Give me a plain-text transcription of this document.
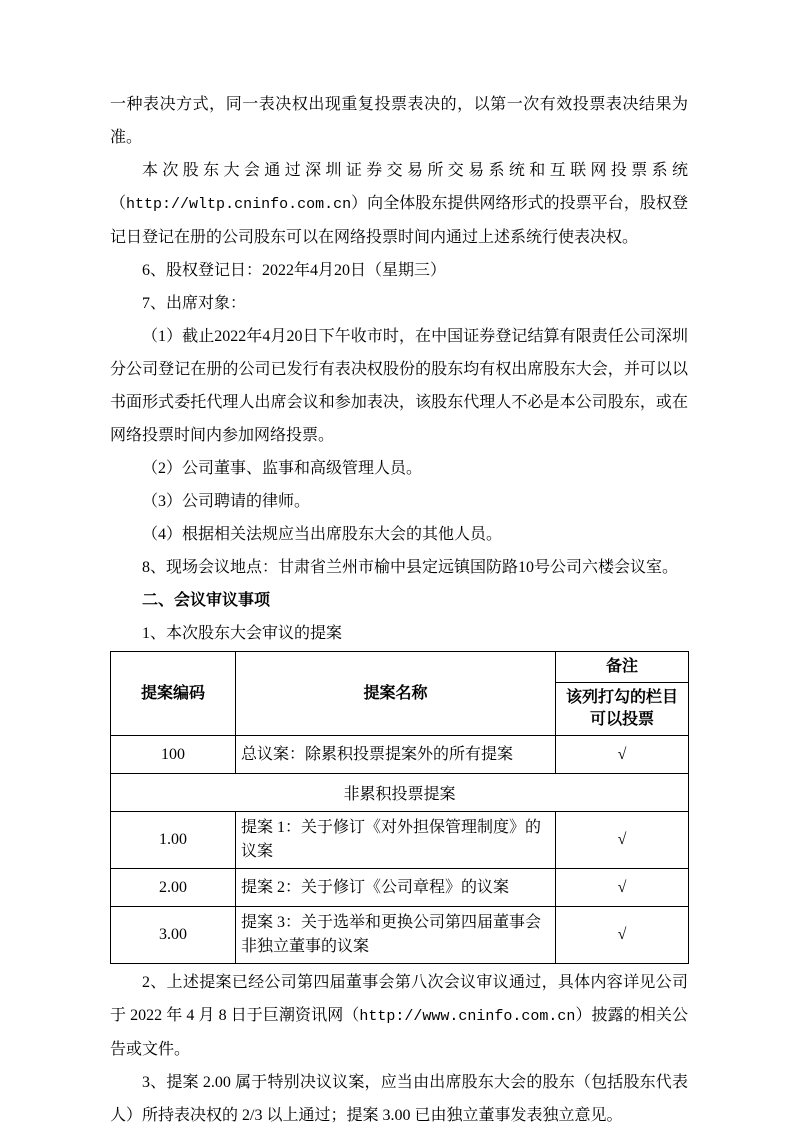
一种表决方式，同一表决权出现重复投票表决的，以第一次有效投票表决结果为准。

本次股东大会通过深圳证券交易所交易系统和互联网投票系统（http://wltp.cninfo.com.cn）向全体股东提供网络形式的投票平台，股权登记日登记在册的公司股东可以在网络投票时间内通过上述系统行使表决权。

6、股权登记日：2022年4月20日（星期三）

7、出席对象：

（1）截止2022年4月20日下午收市时，在中国证券登记结算有限责任公司深圳分公司登记在册的公司已发行有表决权股份的股东均有权出席股东大会，并可以以书面形式委托代理人出席会议和参加表决，该股东代理人不必是本公司股东，或在网络投票时间内参加网络投票。

（2）公司董事、监事和高级管理人员。

（3）公司聘请的律师。

（4）根据相关法规应当出席股东大会的其他人员。

8、现场会议地点：甘肃省兰州市榆中县定远镇国防路10号公司六楼会议室。

二、会议审议事项

1、本次股东大会审议的提案

提案编码	提案名称	备注
		该列打勾的栏目可以投票
100	总议案：除累积投票提案外的所有提案	√
非累积投票提案		
1.00	提案 1：关于修订《对外担保管理制度》的议案	√
2.00	提案 2：关于修订《公司章程》的议案	√
3.00	提案 3：关于选举和更换公司第四届董事会非独立董事的议案	√

2、上述提案已经公司第四届董事会第八次会议审议通过，具体内容详见公司于 2022 年 4 月 8 日于巨潮资讯网（http://www.cninfo.com.cn）披露的相关公告或文件。

3、提案 2.00 属于特别决议议案，应当由出席股东大会的股东（包括股东代表人）所持表决权的 2/3 以上通过；提案 3.00 已由独立董事发表独立意见。
